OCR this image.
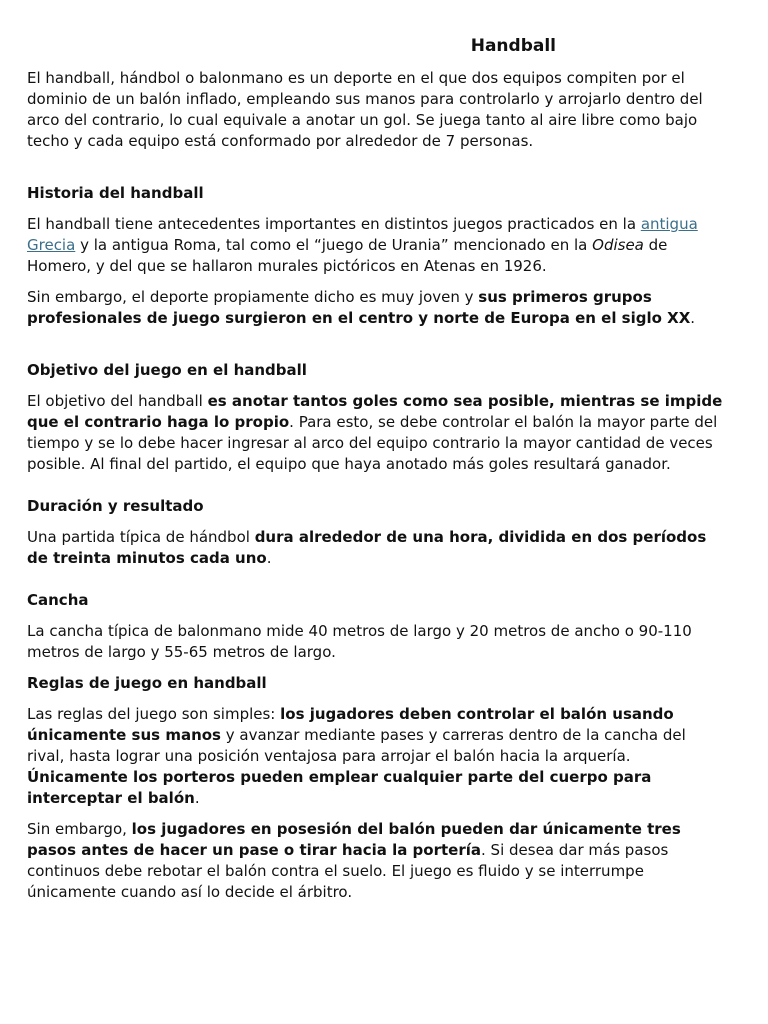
Handball

El handball, hándbol o balonmano es un deporte en el que dos equipos compiten por el dominio de un balón inflado, empleando sus manos para controlarlo y arrojarlo dentro del arco del contrario, lo cual equivale a anotar un gol. Se juega tanto al aire libre como bajo techo y cada equipo está conformado por alrededor de 7 personas.

Historia del handball

El handball tiene antecedentes importantes en distintos juegos practicados en la antigua Grecia y la antigua Roma, tal como el “juego de Urania” mencionado en la Odisea de Homero, y del que se hallaron murales pictóricos en Atenas en 1926.

Sin embargo, el deporte propiamente dicho es muy joven y sus primeros grupos profesionales de juego surgieron en el centro y norte de Europa en el siglo XX.

Objetivo del juego en el handball

El objetivo del handball es anotar tantos goles como sea posible, mientras se impide que el contrario haga lo propio. Para esto, se debe controlar el balón la mayor parte del tiempo y se lo debe hacer ingresar al arco del equipo contrario la mayor cantidad de veces posible. Al final del partido, el equipo que haya anotado más goles resultará ganador.

Duración y resultado

Una partida típica de hándbol dura alrededor de una hora, dividida en dos períodos de treinta minutos cada uno.

Cancha

La cancha típica de balonmano mide 40 metros de largo y 20 metros de ancho o 90-110 metros de largo y 55-65 metros de largo.

Reglas de juego en handball

Las reglas del juego son simples: los jugadores deben controlar el balón usando únicamente sus manos y avanzar mediante pases y carreras dentro de la cancha del rival, hasta lograr una posición ventajosa para arrojar el balón hacia la arquería. Únicamente los porteros pueden emplear cualquier parte del cuerpo para interceptar el balón.

Sin embargo, los jugadores en posesión del balón pueden dar únicamente tres pasos antes de hacer un pase o tirar hacia la portería. Si desea dar más pasos continuos debe rebotar el balón contra el suelo. El juego es fluido y se interrumpe únicamente cuando así lo decide el árbitro.
